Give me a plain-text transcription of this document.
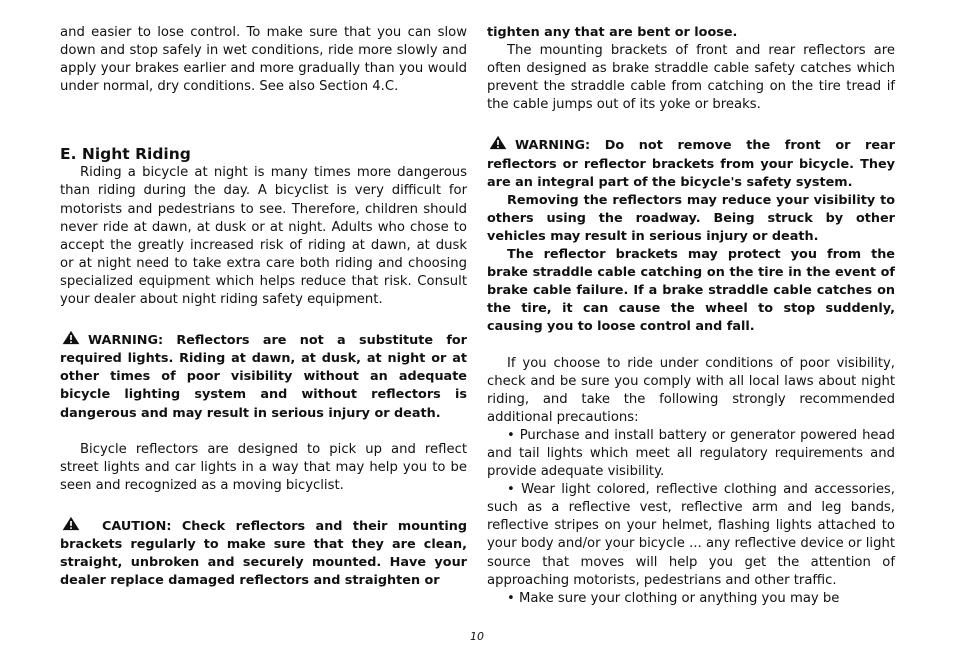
and easier to lose control. To make sure that you can slow down and stop safely in wet conditions, ride more slowly and apply your brakes earlier and more gradually than you would under normal, dry conditions. See also Section 4.C.

E. Night Riding

Riding a bicycle at night is many times more dangerous than riding during the day. A bicyclist is very difficult for motorists and pedestrians to see. Therefore, children should never ride at dawn, at dusk or at night. Adults who chose to accept the greatly increased risk of riding at dawn, at dusk or at night need to take extra care both riding and choosing specialized equipment which helps reduce that risk. Consult your dealer about night riding safety equipment.

WARNING: Reflectors are not a substitute for required lights. Riding at dawn, at dusk, at night or at other times of poor visibility without an adequate bicycle lighting system and without reflectors is dangerous and may result in serious injury or death.

Bicycle reflectors are designed to pick up and reflect street lights and car lights in a way that may help you to be seen and recognized as a moving bicyclist.

CAUTION: Check reflectors and their mounting brackets regularly to make sure that they are clean, straight, unbroken and securely mounted. Have your dealer replace damaged reflectors and straighten or

tighten any that are bent or loose.

The mounting brackets of front and rear reflectors are often designed as brake straddle cable safety catches which prevent the straddle cable from catching on the tire tread if the cable jumps out of its yoke or breaks.

WARNING: Do not remove the front or rear reflectors or reflector brackets from your bicycle. They are an integral part of the bicycle's safety system.

Removing the reflectors may reduce your visibility to others using the roadway. Being struck by other vehicles may result in serious injury or death.

The reflector brackets may protect you from the brake straddle cable catching on the tire in the event of brake cable failure. If a brake straddle cable catches on the tire, it can cause the wheel to stop suddenly, causing you to loose control and fall.

If you choose to ride under conditions of poor visibility, check and be sure you comply with all local laws about night riding, and take the following strongly recommended additional precautions:

• Purchase and install battery or generator powered head and tail lights which meet all regulatory requirements and provide adequate visibility.

• Wear light colored, reflective clothing and accessories, such as a reflective vest, reflective arm and leg bands, reflective stripes on your helmet, flashing lights attached to your body and/or your bicycle ... any reflective device or light source that moves will help you get the attention of approaching motorists, pedestrians and other traffic.

• Make sure your clothing or anything you may be

10
